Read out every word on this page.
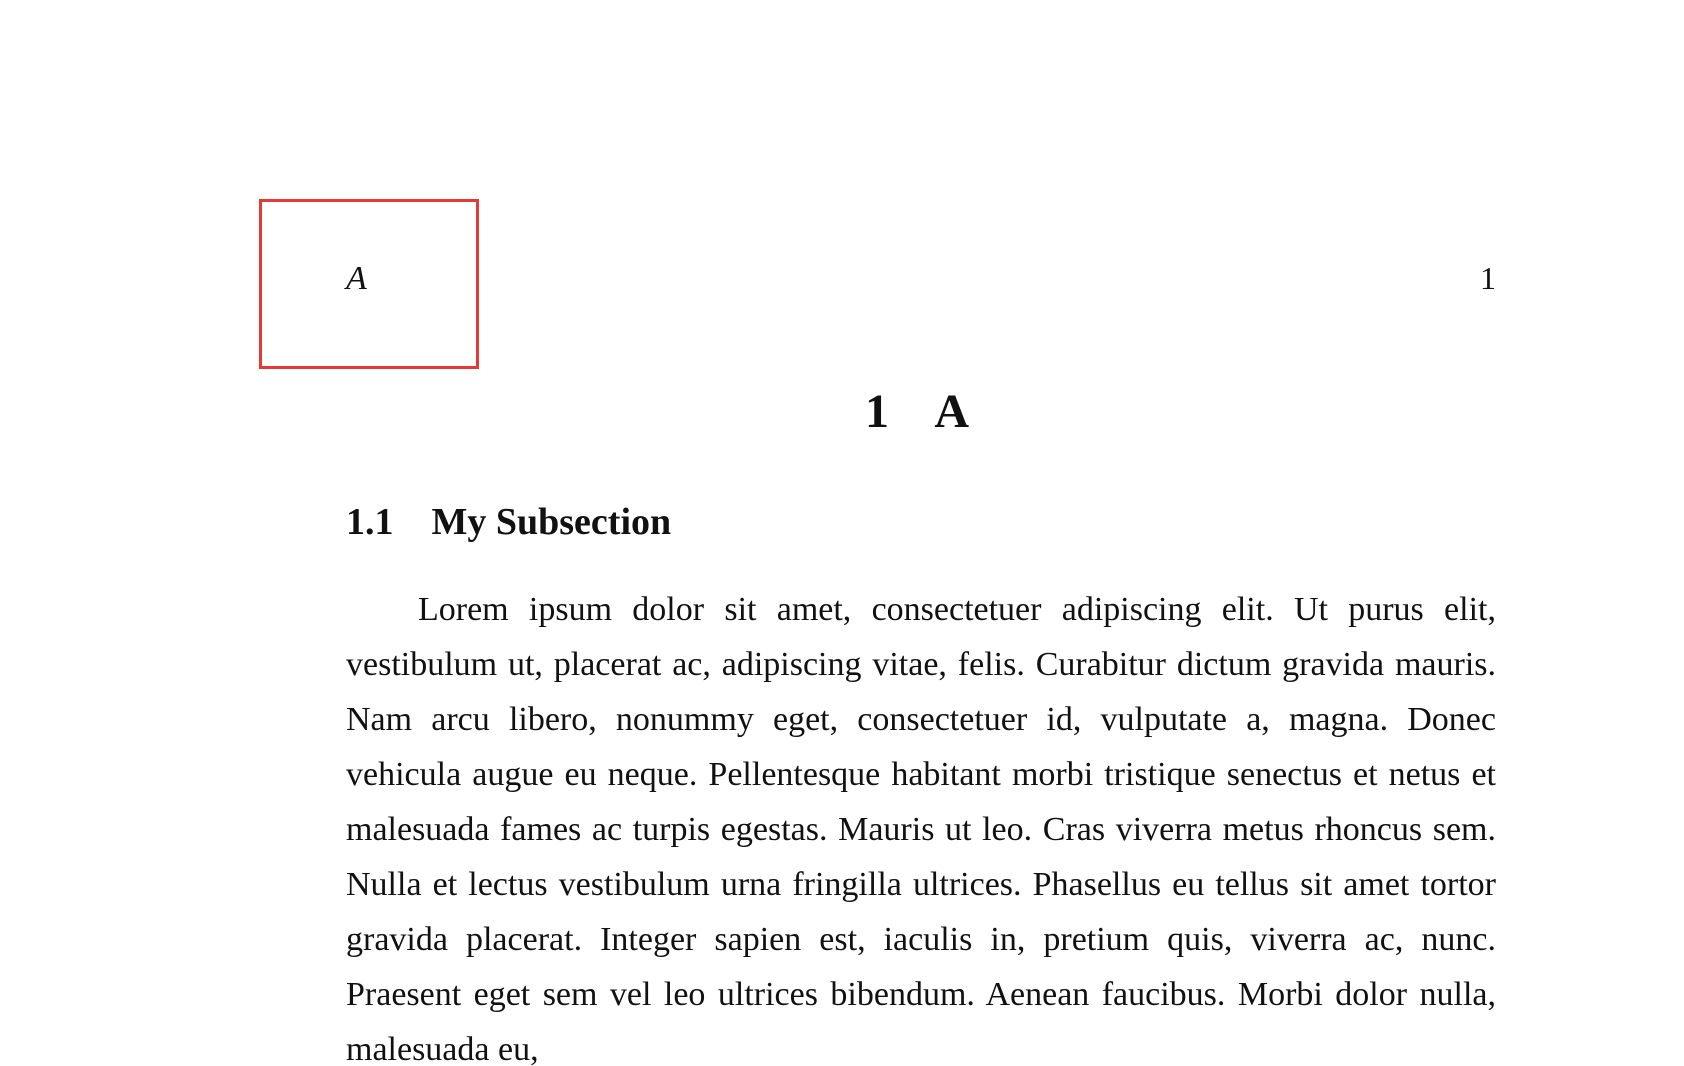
A	1
1 A
1.1 My Subsection

Lorem ipsum dolor sit amet, consectetuer adipiscing elit. Ut purus elit, vestibulum ut, placerat ac, adipiscing vitae, felis. Curabitur dictum gravida mauris. Nam arcu libero, nonummy eget, consectetuer id, vulputate a, magna. Donec vehicula augue eu neque. Pellentesque habitant morbi tristique senectus et netus et malesuada fames ac turpis egestas. Mauris ut leo. Cras viverra metus rhoncus sem. Nulla et lectus vestibulum urna fringilla ultrices. Phasellus eu tellus sit amet tortor gravida placerat. Integer sapien est, iaculis in, pretium quis, viverra ac, nunc. Praesent eget sem vel leo ultrices bibendum. Aenean faucibus. Morbi dolor nulla, malesuada eu,
